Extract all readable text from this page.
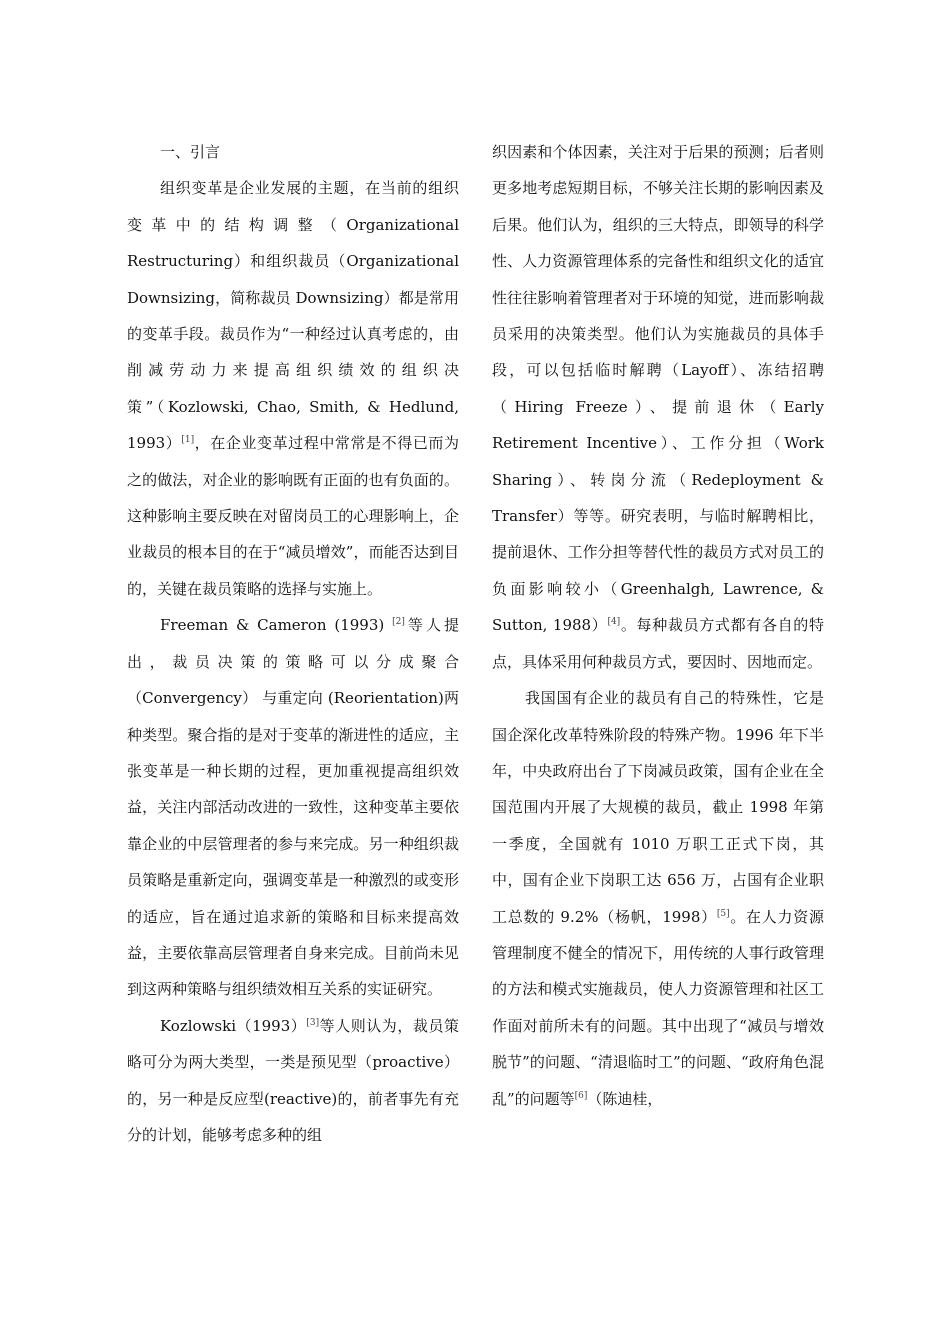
一、引言

组织变革是企业发展的主题，在当前的组织变革中的结构调整（Organizational Restructuring）和组织裁员（Organizational Downsizing，简称裁员 Downsizing）都是常用的变革手段。裁员作为“一种经过认真考虑的，由削减劳动力来提高组织绩效的组织决策”（Kozlowski, Chao, Smith, & Hedlund, 1993）[1]，在企业变革过程中常常是不得已而为之的做法，对企业的影响既有正面的也有负面的。这种影响主要反映在对留岗员工的心理影响上，企业裁员的根本目的在于“减员增效”，而能否达到目的，关键在裁员策略的选择与实施上。

Freeman & Cameron (1993) [2]等人提出，裁员决策的策略可以分成聚合（Convergency） 与重定向 (Reorientation)两种类型。聚合指的是对于变革的渐进性的适应，主张变革是一种长期的过程，更加重视提高组织效益，关注内部活动改进的一致性，这种变革主要依靠企业的中层管理者的参与来完成。另一种组织裁员策略是重新定向，强调变革是一种激烈的或变形的适应，旨在通过追求新的策略和目标来提高效益，主要依靠高层管理者自身来完成。目前尚未见到这两种策略与组织绩效相互关系的实证研究。

Kozlowski（1993）[3]等人则认为，裁员策略可分为两大类型，一类是预见型（proactive）的，另一种是反应型(reactive)的，前者事先有充分的计划，能够考虑多种的组

织因素和个体因素，关注对于后果的预测；后者则更多地考虑短期目标，不够关注长期的影响因素及后果。他们认为，组织的三大特点，即领导的科学性、人力资源管理体系的完备性和组织文化的适宜性往往影响着管理者对于环境的知觉，进而影响裁员采用的决策类型。他们认为实施裁员的具体手段，可以包括临时解聘（Layoff）、冻结招聘（Hiring Freeze）、提前退休（Early Retirement Incentive）、工作分担（Work Sharing）、转岗分流（Redeployment & Transfer）等等。研究表明，与临时解聘相比，提前退休、工作分担等替代性的裁员方式对员工的负面影响较小（Greenhalgh, Lawrence, & Sutton, 1988）[4]。每种裁员方式都有各自的特点，具体采用何种裁员方式，要因时、因地而定。

我国国有企业的裁员有自己的特殊性，它是国企深化改革特殊阶段的特殊产物。1996 年下半年，中央政府出台了下岗减员政策，国有企业在全国范围内开展了大规模的裁员，截止 1998 年第一季度，全国就有 1010 万职工正式下岗，其中，国有企业下岗职工达 656 万，占国有企业职工总数的 9.2%（杨帆，1998）[5]。在人力资源管理制度不健全的情况下，用传统的人事行政管理的方法和模式实施裁员，使人力资源管理和社区工作面对前所未有的问题。其中出现了“减员与增效脱节”的问题、“清退临时工”的问题、“政府角色混乱”的问题等[6]（陈迪桂，
